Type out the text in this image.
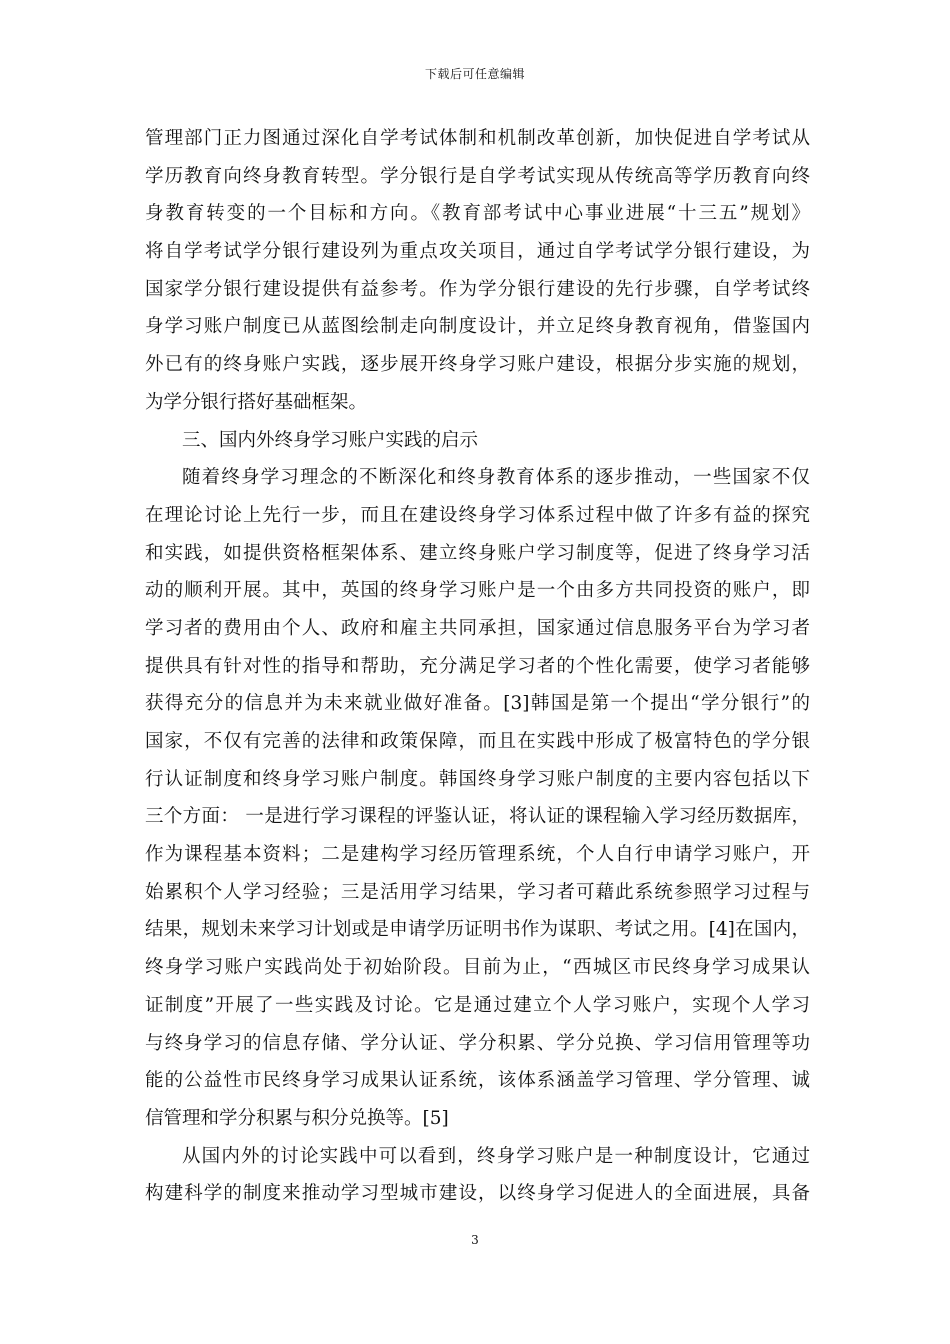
下载后可任意编辑
管理部门正力图通过深化自学考试体制和机制改革创新，加快促进自学考试从
学历教育向终身教育转型。学分银行是自学考试实现从传统高等学历教育向终
身教育转变的一个目标和方向。《教育部考试中心事业进展“十三五”规划》
将自学考试学分银行建设列为重点攻关项目，通过自学考试学分银行建设，为
国家学分银行建设提供有益参考。作为学分银行建设的先行步骤，自学考试终
身学习账户制度已从蓝图绘制走向制度设计，并立足终身教育视角，借鉴国内
外已有的终身账户实践，逐步展开终身学习账户建设，根据分步实施的规划，
为学分银行搭好基础框架。
三、国内外终身学习账户实践的启示
随着终身学习理念的不断深化和终身教育体系的逐步推动，一些国家不仅
在理论讨论上先行一步，而且在建设终身学习体系过程中做了许多有益的探究
和实践，如提供资格框架体系、建立终身账户学习制度等，促进了终身学习活
动的顺利开展。其中，英国的终身学习账户是一个由多方共同投资的账户，即
学习者的费用由个人、政府和雇主共同承担，国家通过信息服务平台为学习者
提供具有针对性的指导和帮助，充分满足学习者的个性化需要，使学习者能够
获得充分的信息并为未来就业做好准备。[3]韩国是第一个提出“学分银行”的
国家，不仅有完善的法律和政策保障，而且在实践中形成了极富特色的学分银
行认证制度和终身学习账户制度。韩国终身学习账户制度的主要内容包括以下
三个方面： 一是进行学习课程的评鉴认证，将认证的课程输入学习经历数据库，
作为课程基本资料；二是建构学习经历管理系统，个人自行申请学习账户，开
始累积个人学习经验；三是活用学习结果，学习者可藉此系统参照学习过程与
结果，规划未来学习计划或是申请学历证明书作为谋职、考试之用。[4]在国内，
终身学习账户实践尚处于初始阶段。目前为止，“西城区市民终身学习成果认
证制度”开展了一些实践及讨论。它是通过建立个人学习账户，实现个人学习
与终身学习的信息存储、学分认证、学分积累、学分兑换、学习信用管理等功
能的公益性市民终身学习成果认证系统，该体系涵盖学习管理、学分管理、诚
信管理和学分积累与积分兑换等。[5]
从国内外的讨论实践中可以看到，终身学习账户是一种制度设计，它通过
构建科学的制度来推动学习型城市建设，以终身学习促进人的全面进展，具备
3
